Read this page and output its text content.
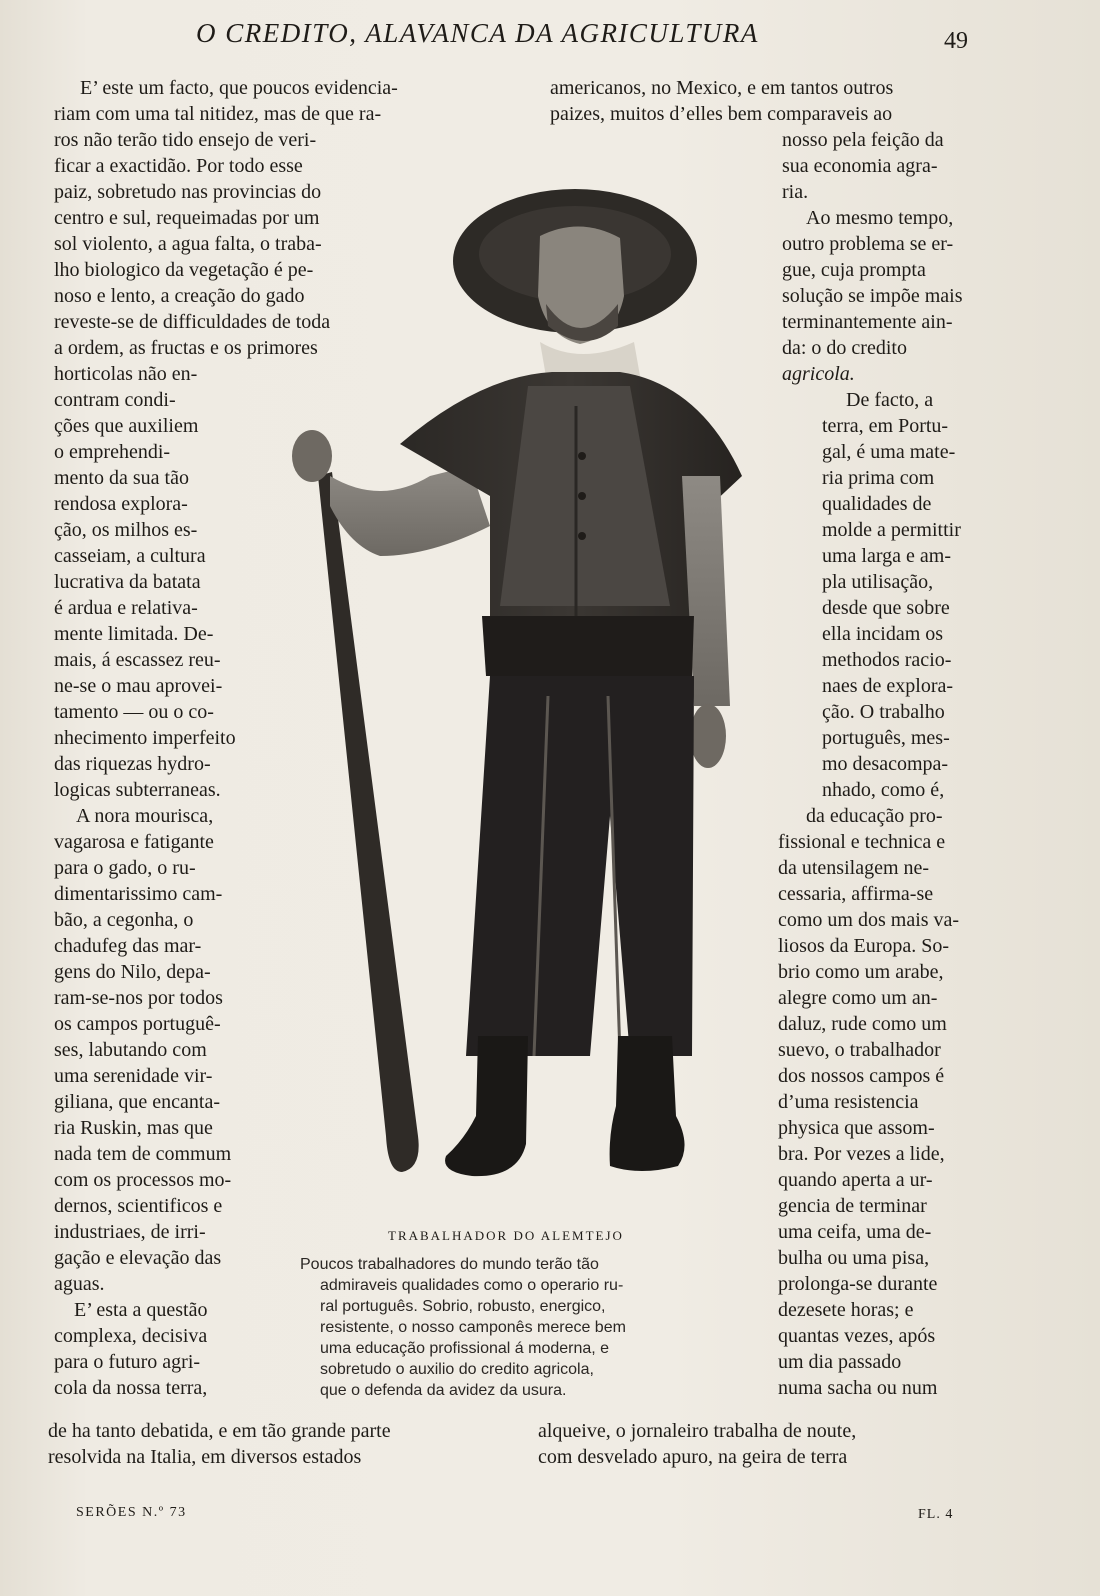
O CREDITO, ALAVANCA DA AGRICULTURA	49

E’ este um facto, que poucos evidencia-

riam com uma tal nitidez, mas de que ra-

ros não terão tido ensejo de veri-

ficar a exactidão. Por todo esse

paiz, sobretudo nas provincias do

centro e sul, requeimadas por um

sol violento, a agua falta, o traba-

lho biologico da vegetação é pe-

noso e lento, a creação do gado

reveste-se de difficuldades de toda

a ordem, as fructas e os primores

horticolas não en-

contram condi-

ções que auxiliem

o emprehendi-

mento da sua tão

rendosa explora-

ção, os milhos es-

casseiam, a cultura

lucrativa da batata

é ardua e relativa-

mente limitada. De-

mais, á escassez reu-

ne-se o mau aprovei-

tamento — ou o co-

nhecimento imperfeito

das riquezas hydro-

logicas subterraneas.

A nora mourisca,

vagarosa e fatigante

para o gado, o ru-

dimentarissimo cam-

bão, a cegonha, o

chadufeg das mar-

gens do Nilo, depa-

ram-se-nos por todos

os campos portuguê-

ses, labutando com

uma serenidade vir-

giliana, que encanta-

ria Ruskin, mas que

nada tem de commum

com os processos mo-

dernos, scientificos e

industriaes, de irri-

gação e elevação das

aguas.

E’ esta a questão

complexa, decisiva

para o futuro agri-

cola da nossa terra,

de ha tanto debatida, e em tão grande parte

resolvida na Italia, em diversos estados

americanos, no Mexico, e em tantos outros

paizes, muitos d’elles bem comparaveis ao

nosso pela feição da

sua economia agra-

ria.

Ao mesmo tempo,

outro problema se er-

gue, cuja prompta

solução se impõe mais

terminantemente ain-

da: o do credito

agricola.

De facto, a

terra, em Portu-

gal, é uma mate-

ria prima com

qualidades de

molde a permittir

uma larga e am-

pla utilisação,

desde que sobre

ella incidam os

methodos racio-

naes de explora-

ção. O trabalho

português, mes-

mo desacompa-

nhado, como é,

da educação pro-

fissional e technica e

da utensilagem ne-

cessaria, affirma-se

como um dos mais va-

liosos da Europa. So-

brio como um arabe,

alegre como um an-

daluz, rude como um

suevo, o trabalhador

dos nossos campos é

d’uma resistencia

physica que assom-

bra. Por vezes a lide,

quando aperta a ur-

gencia de terminar

uma ceifa, uma de-

bulha ou uma pisa,

prolonga-se durante

dezesete horas; e

quantas vezes, após

um dia passado

numa sacha ou num

alqueive, o jornaleiro trabalha de noute,

com desvelado apuro, na geira de terra

TRABALHADOR DO ALEMTEJO
Poucos trabalhadores do mundo terão tão
admiraveis qualidades como o operario ru-
ral português. Sobrio, robusto, energico,
resistente, o nosso camponês merece bem
uma educação profissional á moderna, e
sobretudo o auxilio do credito agricola,
que o defenda da avidez da usura.
SERÕES N.º 73	FL. 4
